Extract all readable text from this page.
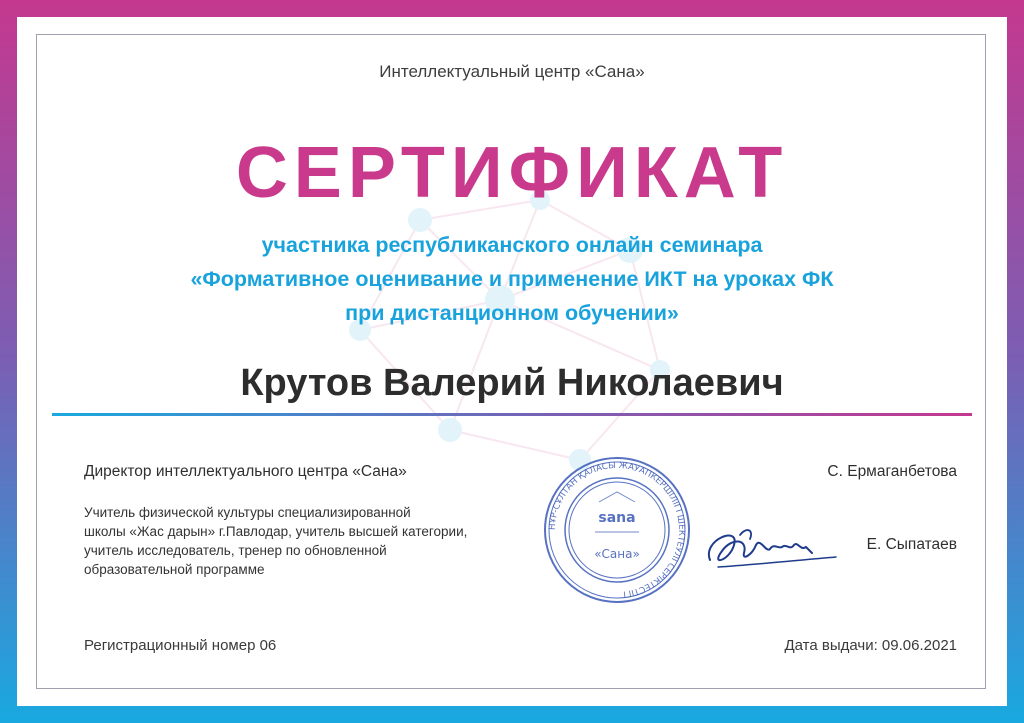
Интеллектуальный центр «Сана»
СЕРТИФИКАТ
участника республиканского онлайн семинара
«Формативное оценивание и применение ИКТ на уроках ФК
при дистанционном обучении»
Крутов Валерий Николаевич
Директор интеллектуального центра «Сана»	С. Ермаганбетова
Учитель физической культуры специализированной
школы «Жас дарын» г.Павлодар, учитель высшей категории,
учитель исследователь, тренер по обновленной
образовательной программе
Е. Сыпатаев
НҰР-СҰЛТАН ҚАЛАСЫ ЖАУАПКЕРШІЛІГІ ШЕКТЕУЛІ СЕРІКТЕСТІГІ
sana
«Сана»
Регистрационный номер 06	Дата выдачи: 09.06.2021
